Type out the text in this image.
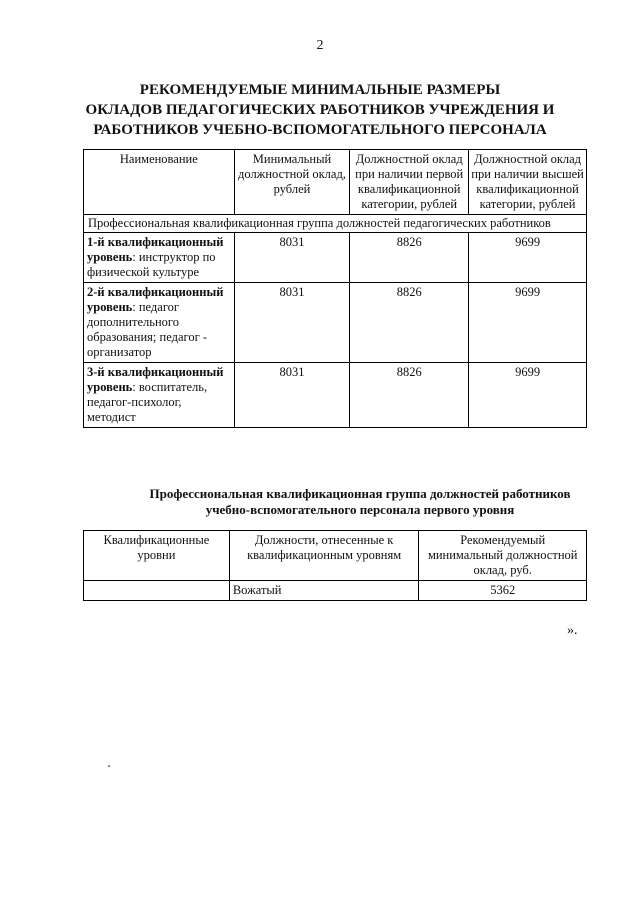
2
РЕКОМЕНДУЕМЫЕ МИНИМАЛЬНЫЕ РАЗМЕРЫ
ОКЛАДОВ ПЕДАГОГИЧЕСКИХ РАБОТНИКОВ УЧРЕЖДЕНИЯ И
РАБОТНИКОВ УЧЕБНО-ВСПОМОГАТЕЛЬНОГО ПЕРСОНАЛА
Наименование	Минимальный должностной оклад, рублей	Должностной оклад при наличии первой квалификационной категории, рублей	Должностной оклад при наличии высшей квалификационной категории, рублей
Профессиональная квалификационная группа должностей педагогических работников			
1-й квалификационный уровень: инструктор по физической культуре	8031	8826	9699
2-й квалификационный уровень: педагог дополнительного образования; педагог - организатор	8031	8826	9699
3-й квалификационный уровень: воспитатель, педагог-психолог, методист	8031	8826	9699
Профессиональная квалификационная группа должностей работников
учебно-вспомогательного персонала первого уровня
Квалификационные уровни	Должности, отнесенные к квалификационным уровням	Рекомендуемый минимальный должностной оклад, руб.
	Вожатый	5362
».
